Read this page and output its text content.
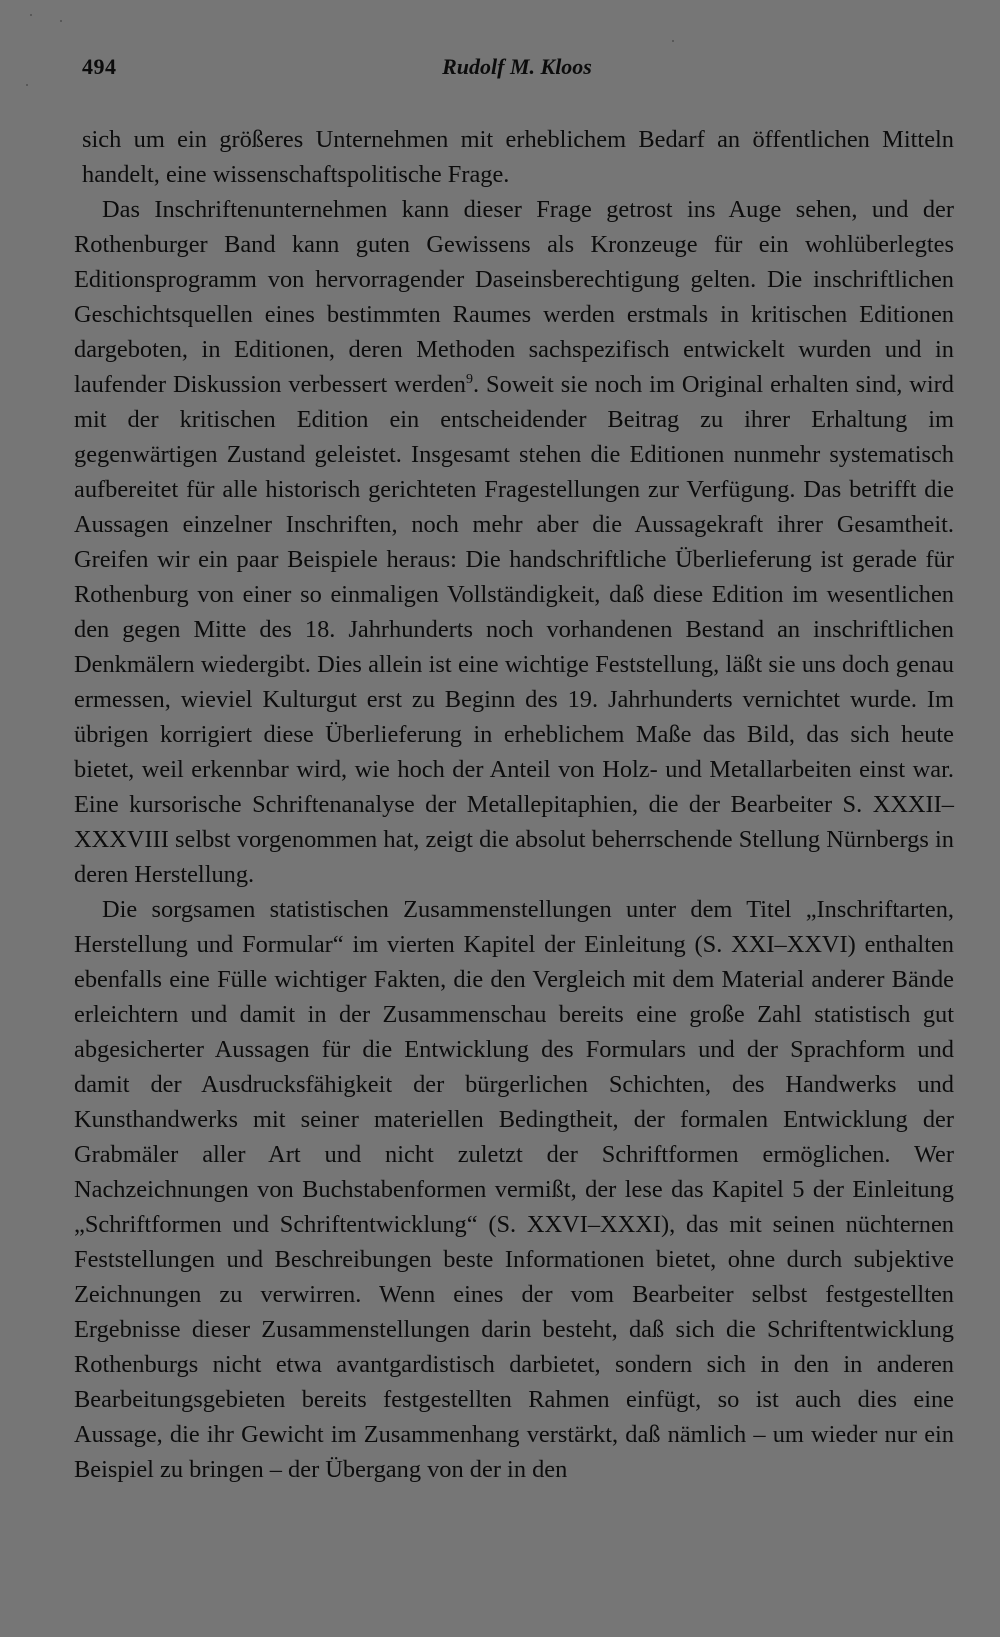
494	Rudolf M. Kloos

sich um ein größeres Unternehmen mit erheblichem Bedarf an öffentlichen Mitteln handelt, eine wissenschaftspolitische Frage.

Das Inschriftenunternehmen kann dieser Frage getrost ins Auge sehen, und der Rothenburger Band kann guten Gewissens als Kronzeuge für ein wohlüberlegtes Editionsprogramm von hervorragender Daseinsberechtigung gelten. Die inschriftlichen Geschichtsquellen eines bestimmten Raumes werden erstmals in kritischen Editionen dargeboten, in Editionen, deren Methoden sachspezifisch entwickelt wurden und in laufender Diskussion verbessert werden$^9$. Soweit sie noch im Original erhalten sind, wird mit der kritischen Edition ein entscheidender Beitrag zu ihrer Erhaltung im gegenwärtigen Zustand geleistet. Insgesamt stehen die Editionen nunmehr systematisch aufbereitet für alle historisch gerichteten Fragestellungen zur Verfügung. Das betrifft die Aussagen einzelner Inschriften, noch mehr aber die Aussagekraft ihrer Gesamtheit. Greifen wir ein paar Beispiele heraus: Die handschriftliche Überlieferung ist gerade für Rothenburg von einer so einmaligen Vollständigkeit, daß diese Edition im wesentlichen den gegen Mitte des 18. Jahrhunderts noch vorhandenen Bestand an inschriftlichen Denkmälern wiedergibt. Dies allein ist eine wichtige Feststellung, läßt sie uns doch genau ermessen, wieviel Kulturgut erst zu Beginn des 19. Jahrhunderts vernichtet wurde. Im übrigen korrigiert diese Überlieferung in erheblichem Maße das Bild, das sich heute bietet, weil erkennbar wird, wie hoch der Anteil von Holz- und Metallarbeiten einst war. Eine kursorische Schriftenanalyse der Metallepitaphien, die der Bearbeiter S. XXXII–XXXVIII selbst vorgenommen hat, zeigt die absolut beherrschende Stellung Nürnbergs in deren Herstellung.

Die sorgsamen statistischen Zusammenstellungen unter dem Titel „Inschriftarten, Herstellung und Formular“ im vierten Kapitel der Einleitung (S. XXI–XXVI) enthalten ebenfalls eine Fülle wichtiger Fakten, die den Vergleich mit dem Material anderer Bände erleichtern und damit in der Zusammenschau bereits eine große Zahl statistisch gut abgesicherter Aussagen für die Entwicklung des Formulars und der Sprachform und damit der Ausdrucksfähigkeit der bürgerlichen Schichten, des Handwerks und Kunsthandwerks mit seiner materiellen Bedingtheit, der formalen Entwicklung der Grabmäler aller Art und nicht zuletzt der Schriftformen ermöglichen. Wer Nachzeichnungen von Buchstabenformen vermißt, der lese das Kapitel 5 der Einleitung „Schriftformen und Schriftentwicklung“ (S. XXVI–XXXI), das mit seinen nüchternen Feststellungen und Beschreibungen beste Informationen bietet, ohne durch subjektive Zeichnungen zu verwirren. Wenn eines der vom Bearbeiter selbst festgestellten Ergebnisse dieser Zusammenstellungen darin besteht, daß sich die Schriftentwicklung Rothenburgs nicht etwa avantgardistisch darbietet, sondern sich in den in anderen Bearbeitungsgebieten bereits festgestellten Rahmen einfügt, so ist auch dies eine Aussage, die ihr Gewicht im Zusammenhang verstärkt, daß nämlich – um wieder nur ein Beispiel zu bringen – der Übergang von der in den
